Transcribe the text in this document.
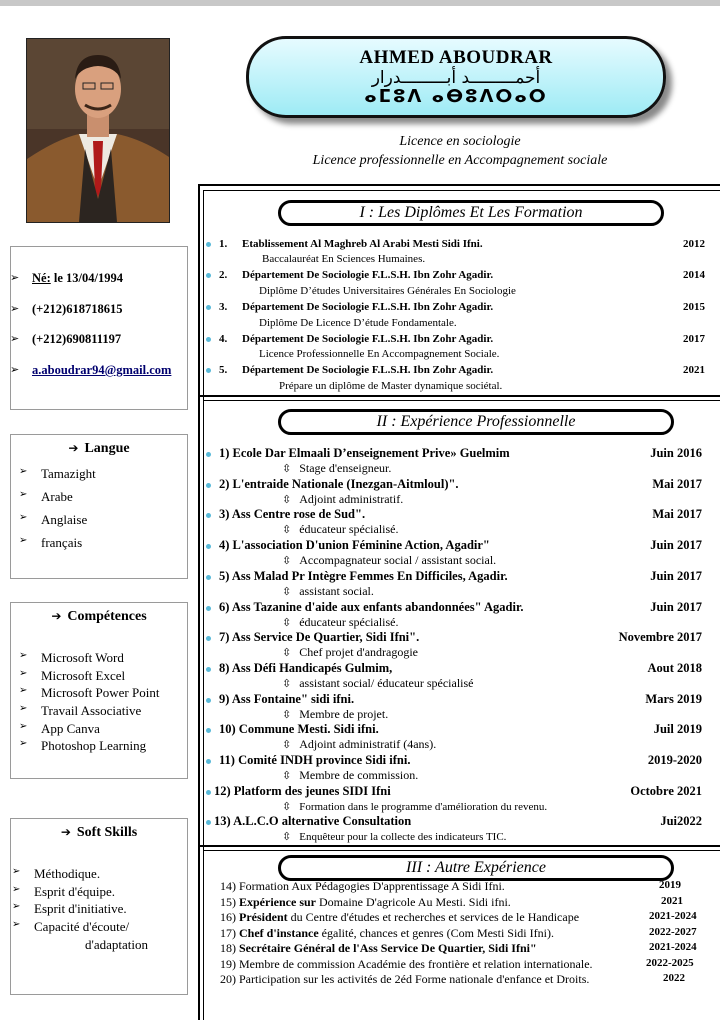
AHMED ABOUDRAR
أحمـــــــــد أبـــــــــدرار
ⴰⵎⵓⴷ ⴰⴱⵓⴷⵔⴰⵔ
Licence en sociologie
Licence professionnelle en Accompagnement sociale
➢ Né: le 13/04/1994
➢ (+212)618718615
➢ (+212)690811197
➢ a.aboudrar94@gmail.com
➔ Langue
➢ Tamazight
➢ Arabe
➢ Anglaise
➢ français
➔ Compétences
➢ Microsoft Word
➢ Microsoft Excel
➢ Microsoft Power Point
➢ Travail Associative
➢ App Canva
➢ Photoshop Learning
➔ Soft Skills
➢ Méthodique.
➢ Esprit d'équipe.
➢ Esprit d'initiative.
➢ Capacité d'écoute/
d'adaptation
I : Les Diplômes Et Les Formation
1. Etablissement Al Maghreb Al Arabi Mesti Sidi Ifni.	2012
Baccalauréat En Sciences Humaines.
2. Département De Sociologie F.L.S.H. Ibn Zohr Agadir.	2014
Diplôme D’études Universitaires Générales En Sociologie
3. Département De Sociologie F.L.S.H. Ibn Zohr Agadir.	2015
Diplôme De Licence D’étude Fondamentale.
4. Département De Sociologie F.L.S.H. Ibn Zohr Agadir.	2017
Licence Professionnelle En Accompagnement Sociale.
5. Département De Sociologie F.L.S.H. Ibn Zohr Agadir.	2021
Prépare un diplôme de Master dynamique sociétal.
II : Expérience Professionnelle
1) Ecole Dar Elmaali D’enseignement Prive» Guelmim	Juin 2016
⇳ Stage d'enseigneur.
2) L'entraide Nationale (Inezgan-Aitmloul)".	Mai 2017
⇳ Adjoint administratif.
3) Ass Centre rose de Sud".	Mai 2017
⇳ éducateur spécialisé.
4) L'association D'union Féminine Action, Agadir"	Juin 2017
⇳ Accompagnateur social / assistant social.
5) Ass Malad Pr Intègre Femmes En Difficiles, Agadir.	Juin 2017
⇳ assistant social.
6) Ass Tazanine d'aide aux enfants abandonnées" Agadir.	Juin 2017
⇳ éducateur spécialisé.
7) Ass Service De Quartier, Sidi Ifni".	Novembre 2017
⇳ Chef projet d'andragogie
8) Ass Défi Handicapés Gulmim,	Aout 2018
⇳ assistant social/ éducateur spécialisé
9) Ass Fontaine" sidi ifni.	Mars 2019
⇳ Membre de projet.
10) Commune Mesti. Sidi ifni.	Juil 2019
⇳ Adjoint administratif (4ans).
11) Comité INDH province Sidi ifni.	2019-2020
⇳ Membre de commission.
12) Platform des jeunes SIDI Ifni	Octobre 2021
⇳ Formation dans le programme d'amélioration du revenu.
13) A.L.C.O alternative Consultation	Jui2022
⇳ Enquêteur pour la collecte des indicateurs TIC.
III : Autre Expérience
14) Formation Aux Pédagogies D'apprentissage A Sidi Ifni.	2019
15) Expérience sur Domaine D'agricole Au Mesti. Sidi ifni.	2021
16) Président du Centre d'études et recherches et services de le Handicape	2021-2024
17) Chef d'instance égalité, chances et genres (Com Mesti Sidi Ifni).	2022-2027
18) Secrétaire Général de l'Ass Service De Quartier, Sidi Ifni"	2021-2024
19) Membre de commission Académie des frontière et relation internationale.	2022-2025
20) Participation sur les activités de 2éd Forme nationale d'enfance et Droits.	2022
